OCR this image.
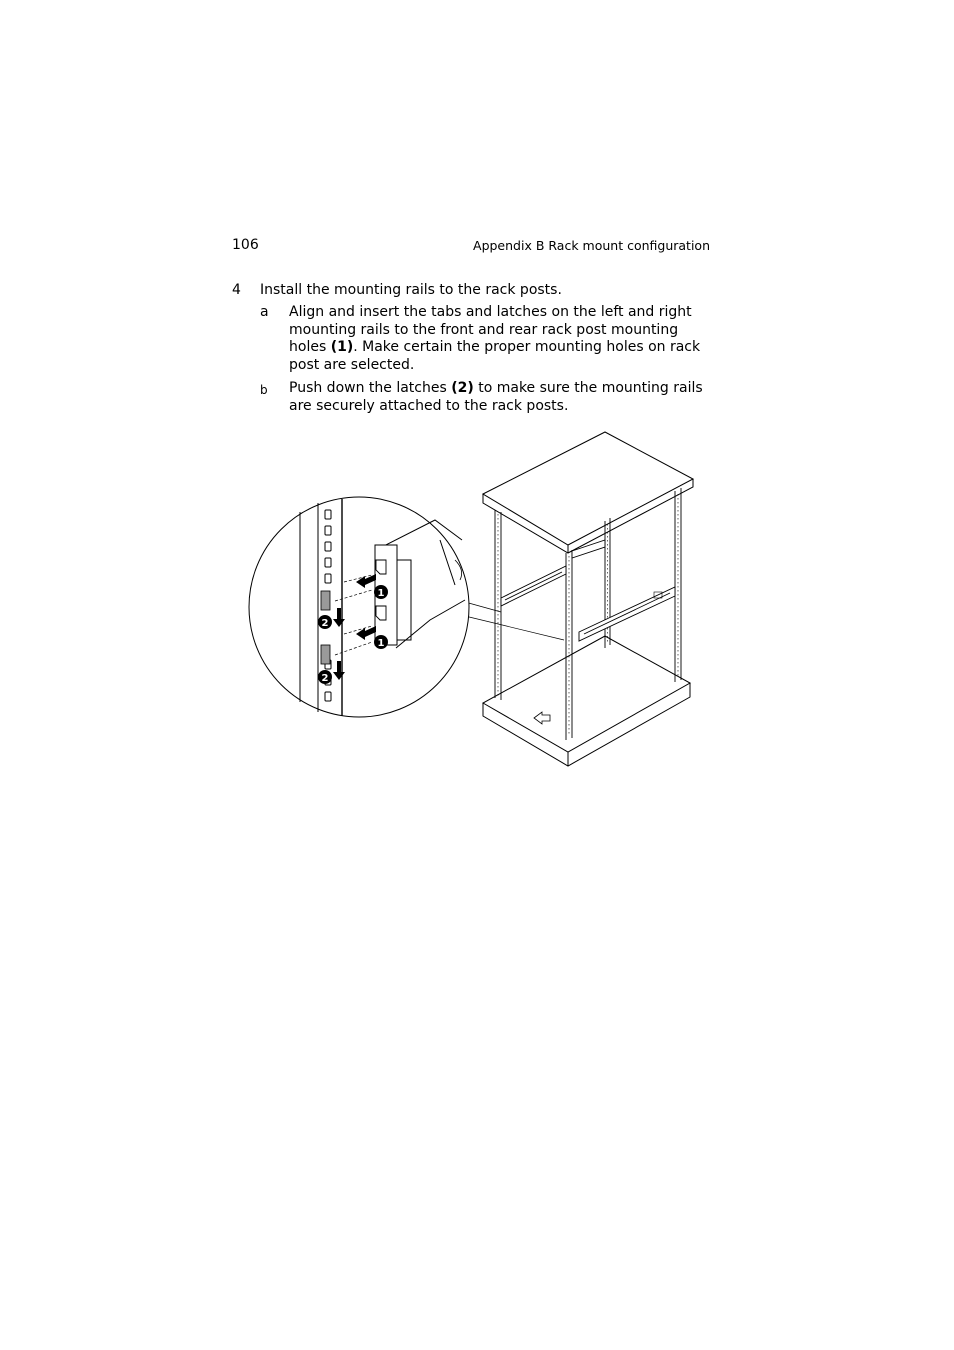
106	Appendix B Rack mount configuration
4 Install the mounting rails to the rack posts.
a Align and insert the tabs and latches on the left and right mounting rails to the front and rear rack post mounting holes (1). Make certain the proper mounting holes on rack post are selected.
b Push down the latches (2) to make sure the mounting rails are securely attached to the rack posts.
1
1
2
2
